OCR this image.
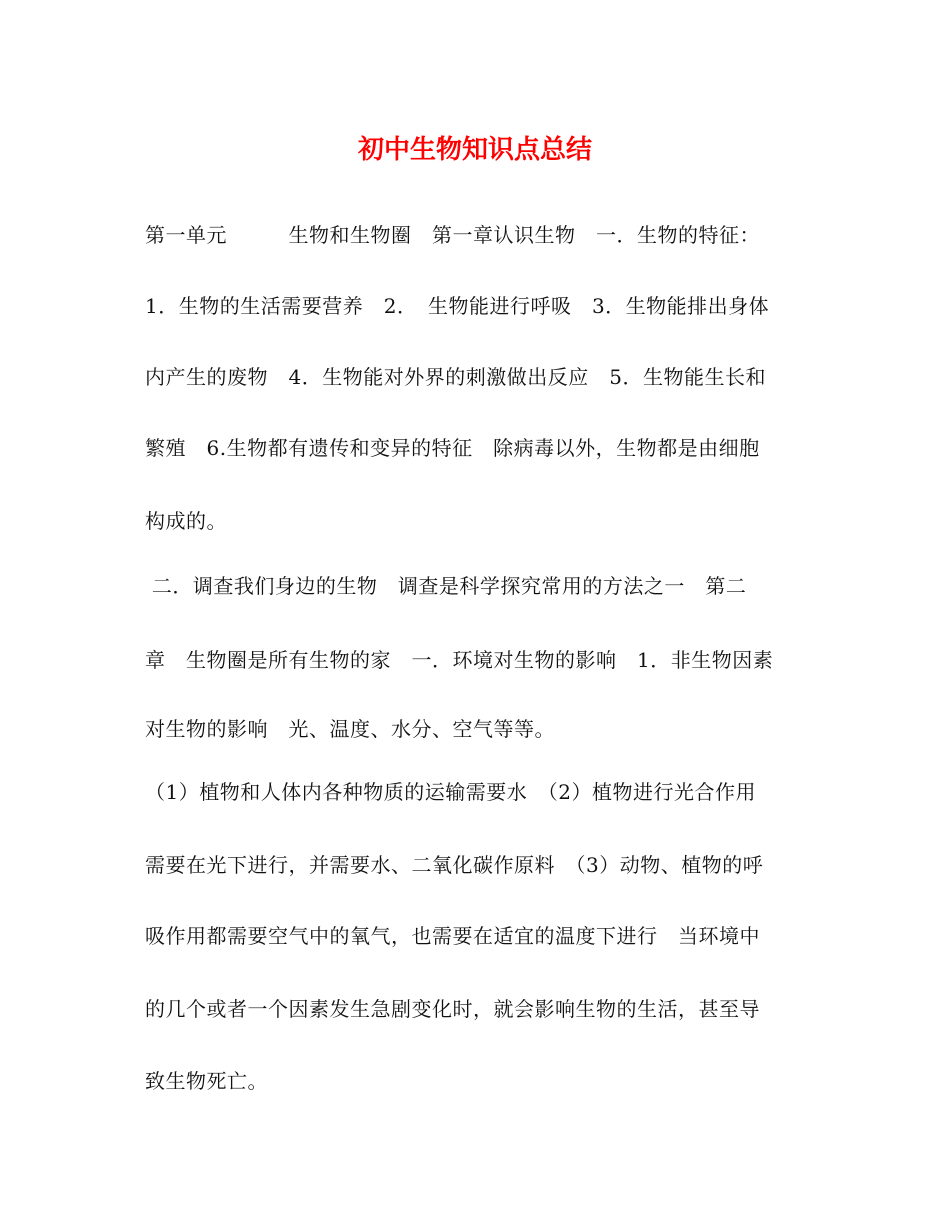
初中生物知识点总结
第一单元　　　生物和生物圈　第一章认识生物　一．生物的特征：
1．生物的生活需要营养　2．　生物能进行呼吸　3．生物能排出身体
内产生的废物　4．生物能对外界的刺激做出反应　5．生物能生长和
繁殖　6.生物都有遗传和变异的特征　除病毒以外，生物都是由细胞
构成的。
二．调查我们身边的生物　调查是科学探究常用的方法之一　第二
章　生物圈是所有生物的家　一．环境对生物的影响　1．非生物因素
对生物的影响　光、温度、水分、空气等等。
（1）植物和人体内各种物质的运输需要水　（2）植物进行光合作用
需要在光下进行，并需要水、二氧化碳作原料　（3）动物、植物的呼
吸作用都需要空气中的氧气，也需要在适宜的温度下进行　当环境中
的几个或者一个因素发生急剧变化时，就会影响生物的生活，甚至导
致生物死亡。
